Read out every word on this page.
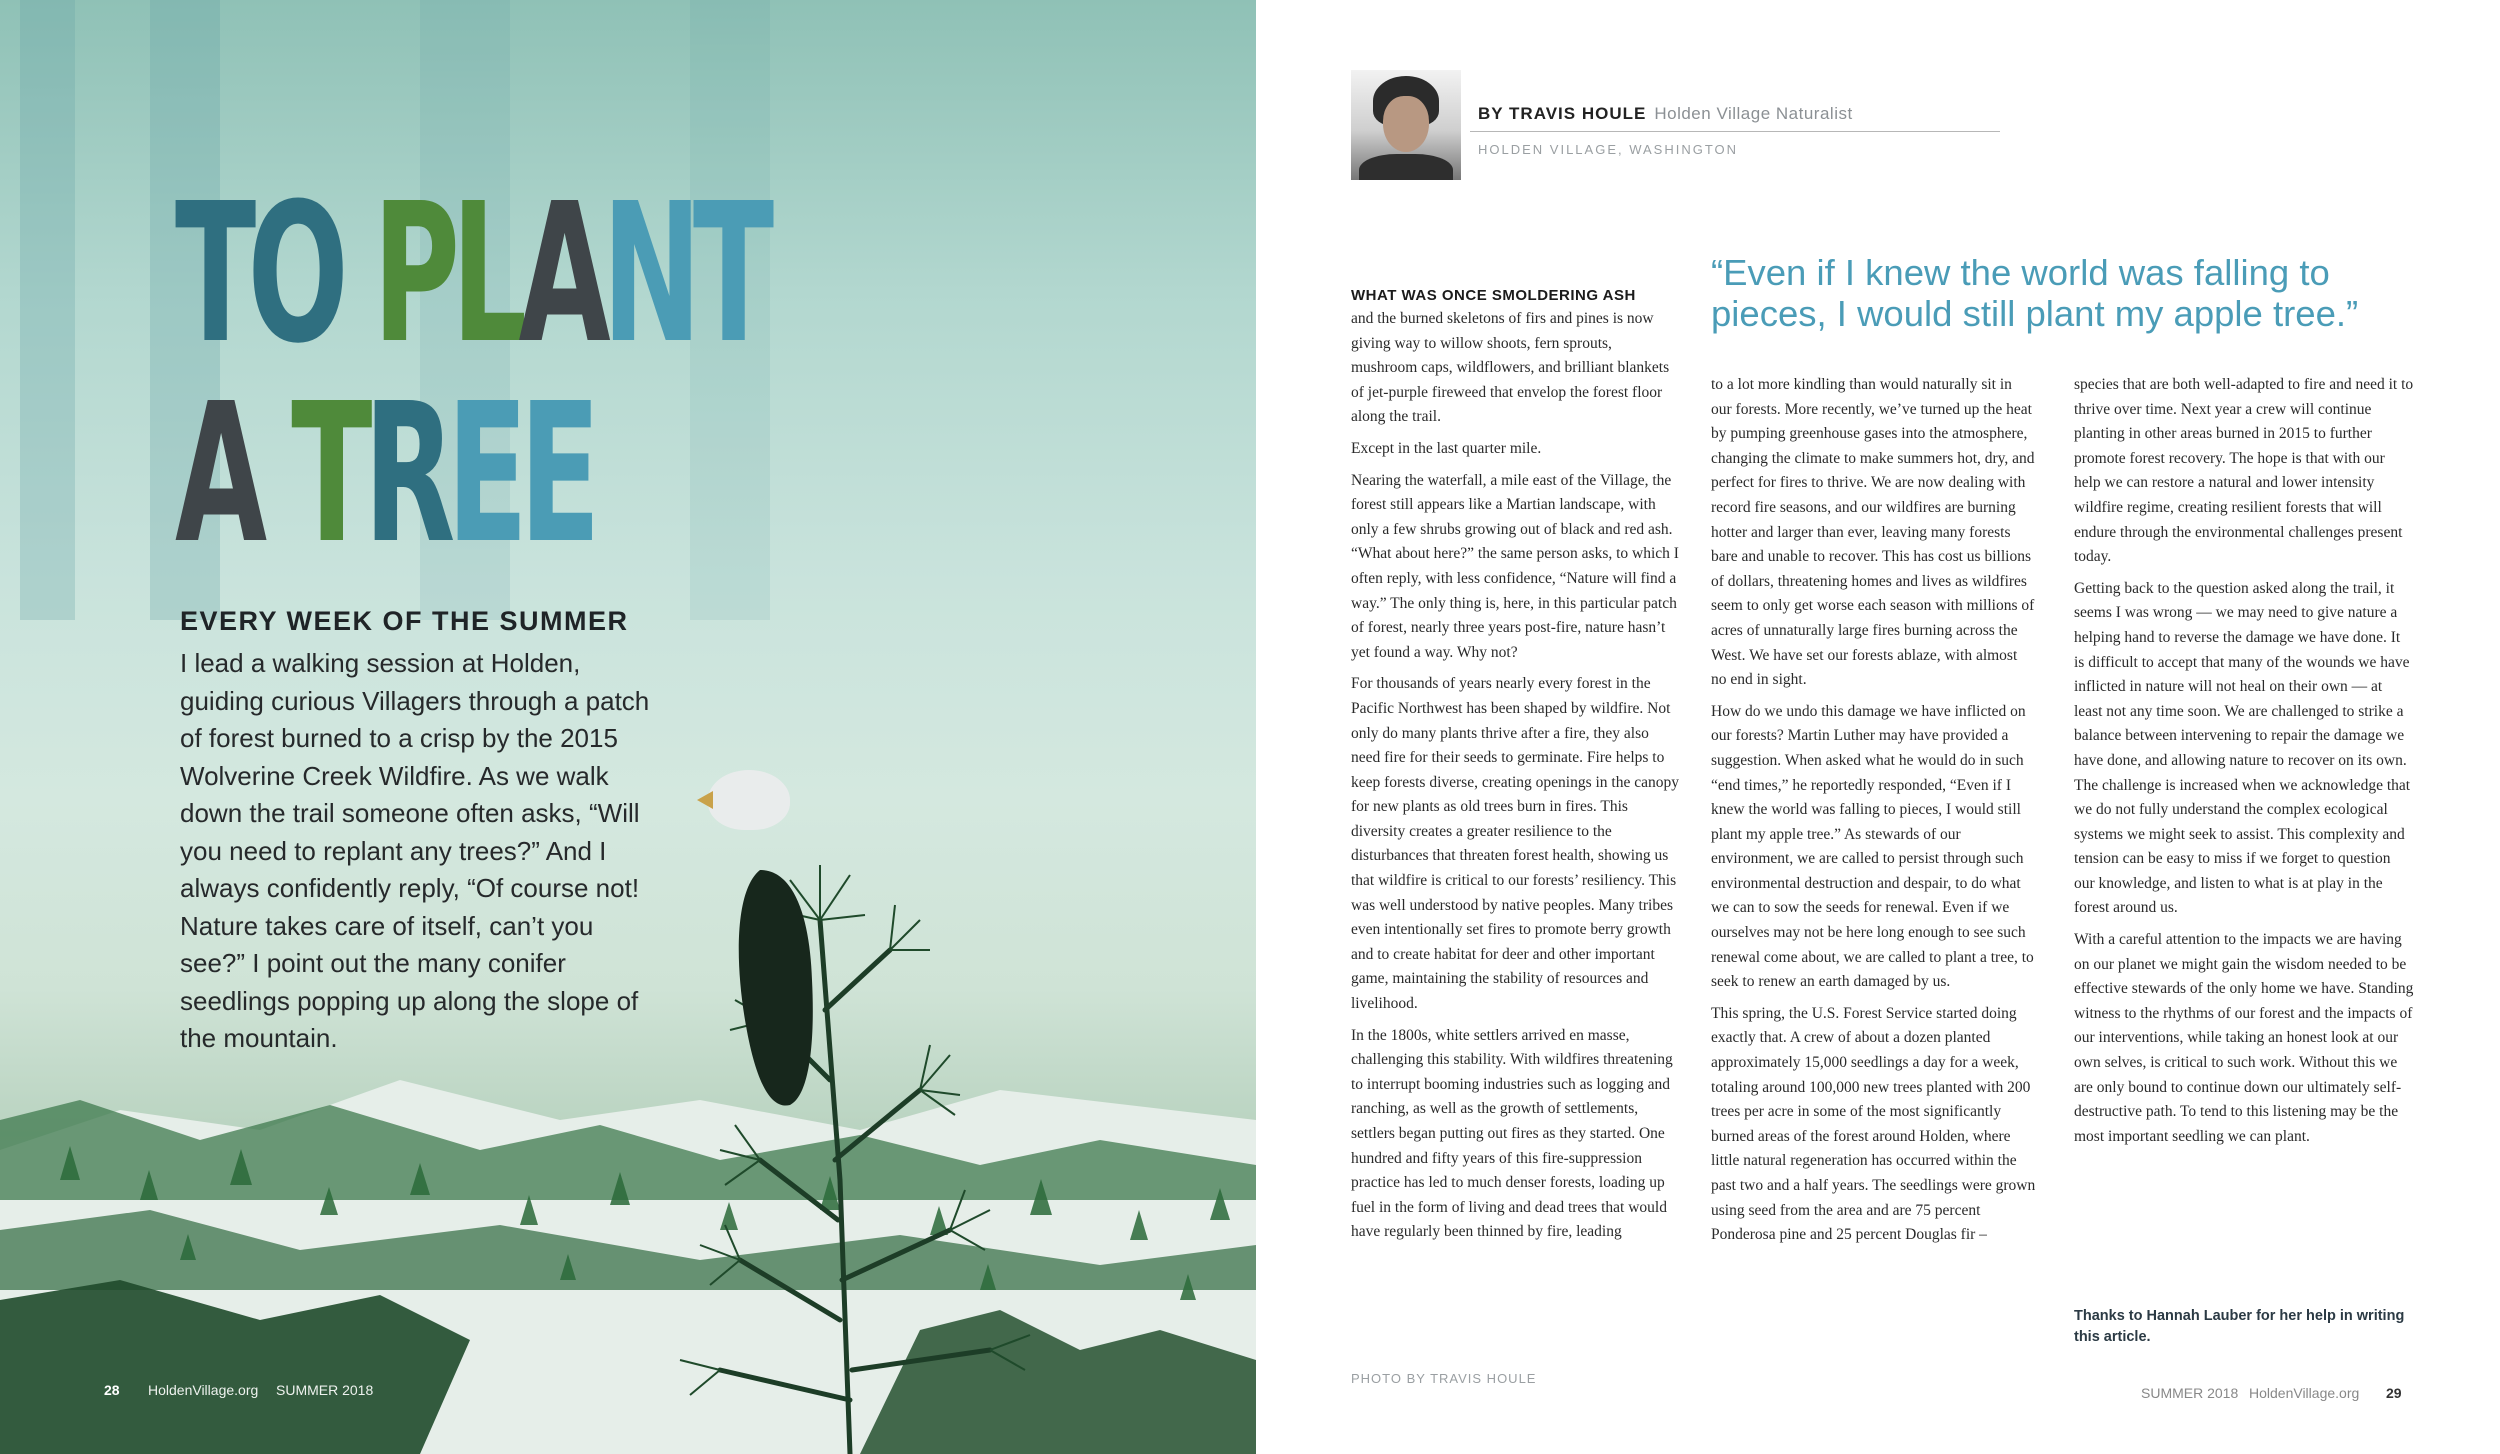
TO PLANT
A TREE
EVERY WEEK OF THE SUMMER

I lead a walking session at Holden, guiding curious Villagers through a patch of forest burned to a crisp by the 2015 Wolverine Creek Wildfire. As we walk down the trail someone often asks, “Will you need to replant any trees?” And I always confidently reply, “Of course not! Nature takes care of itself, can’t you see?” I point out the many conifer seedlings popping up along the slope of the mountain.

28 HoldenVillage.org SUMMER 2018
BY TRAVIS HOULE Holden Village Naturalist
HOLDEN VILLAGE, WASHINGTON

“Even if I knew the world was falling to pieces, I would still plant my apple tree.”

WHAT WAS ONCE SMOLDERING ASH

and the burned skeletons of firs and pines is now giving way to willow shoots, fern sprouts, mushroom caps, wildflowers, and brilliant blankets of jet-purple fireweed that envelop the forest floor along the trail.

Except in the last quarter mile.

Nearing the waterfall, a mile east of the Village, the forest still appears like a Martian landscape, with only a few shrubs growing out of black and red ash. “What about here?” the same person asks, to which I often reply, with less confidence, “Nature will find a way.” The only thing is, here, in this particular patch of forest, nearly three years post-fire, nature hasn’t yet found a way. Why not?

For thousands of years nearly every forest in the Pacific Northwest has been shaped by wildfire. Not only do many plants thrive after a fire, they also need fire for their seeds to germinate. Fire helps to keep forests diverse, creating openings in the canopy for new plants as old trees burn in fires. This diversity creates a greater resilience to the disturbances that threaten forest health, showing us that wildfire is critical to our forests’ resiliency. This was well understood by native peoples. Many tribes even intentionally set fires to promote berry growth and to create habitat for deer and other important game, maintaining the stability of resources and livelihood.

In the 1800s, white settlers arrived en masse, challenging this stability. With wildfires threatening to interrupt booming industries such as logging and ranching, as well as the growth of settlements, settlers began putting out fires as they started. One hundred and fifty years of this fire-suppression practice has led to much denser forests, loading up fuel in the form of living and dead trees that would have regularly been thinned by fire, leading

to a lot more kindling than would naturally sit in our forests. More recently, we’ve turned up the heat by pumping greenhouse gases into the atmosphere, changing the climate to make summers hot, dry, and perfect for fires to thrive. We are now dealing with record fire seasons, and our wildfires are burning hotter and larger than ever, leaving many forests bare and unable to recover. This has cost us billions of dollars, threatening homes and lives as wildfires seem to only get worse each season with millions of acres of unnaturally large fires burning across the West. We have set our forests ablaze, with almost no end in sight.

How do we undo this damage we have inflicted on our forests? Martin Luther may have provided a suggestion. When asked what he would do in such “end times,” he reportedly responded, “Even if I knew the world was falling to pieces, I would still plant my apple tree.” As stewards of our environment, we are called to persist through such environmental destruction and despair, to do what we can to sow the seeds for renewal. Even if we ourselves may not be here long enough to see such renewal come about, we are called to plant a tree, to seek to renew an earth damaged by us.

This spring, the U.S. Forest Service started doing exactly that. A crew of about a dozen planted approximately 15,000 seedlings a day for a week, totaling around 100,000 new trees planted with 200 trees per acre in some of the most significantly burned areas of the forest around Holden, where little natural regeneration has occurred within the past two and a half years. The seedlings were grown using seed from the area and are 75 percent Ponderosa pine and 25 percent Douglas fir –

species that are both well-adapted to fire and need it to thrive over time. Next year a crew will continue planting in other areas burned in 2015 to further promote forest recovery. The hope is that with our help we can restore a natural and lower intensity wildfire regime, creating resilient forests that will endure through the environmental challenges present today.

Getting back to the question asked along the trail, it seems I was wrong — we may need to give nature a helping hand to reverse the damage we have done. It is difficult to accept that many of the wounds we have inflicted in nature will not heal on their own — at least not any time soon. We are challenged to strike a balance between intervening to repair the damage we have done, and allowing nature to recover on its own. The challenge is increased when we acknowledge that we do not fully understand the complex ecological systems we might seek to assist. This complexity and tension can be easy to miss if we forget to question our knowledge, and listen to what is at play in the forest around us.

With a careful attention to the impacts we are having on our planet we might gain the wisdom needed to be effective stewards of the only home we have. Standing witness to the rhythms of our forest and the impacts of our interventions, while taking an honest look at our own selves, is critical to such work. Without this we are only bound to continue down our ultimately self-destructive path. To tend to this listening may be the most important seedling we can plant.

Thanks to Hannah Lauber for her help in writing this article.
PHOTO BY TRAVIS HOULE
SUMMER 2018 HoldenVillage.org 29
